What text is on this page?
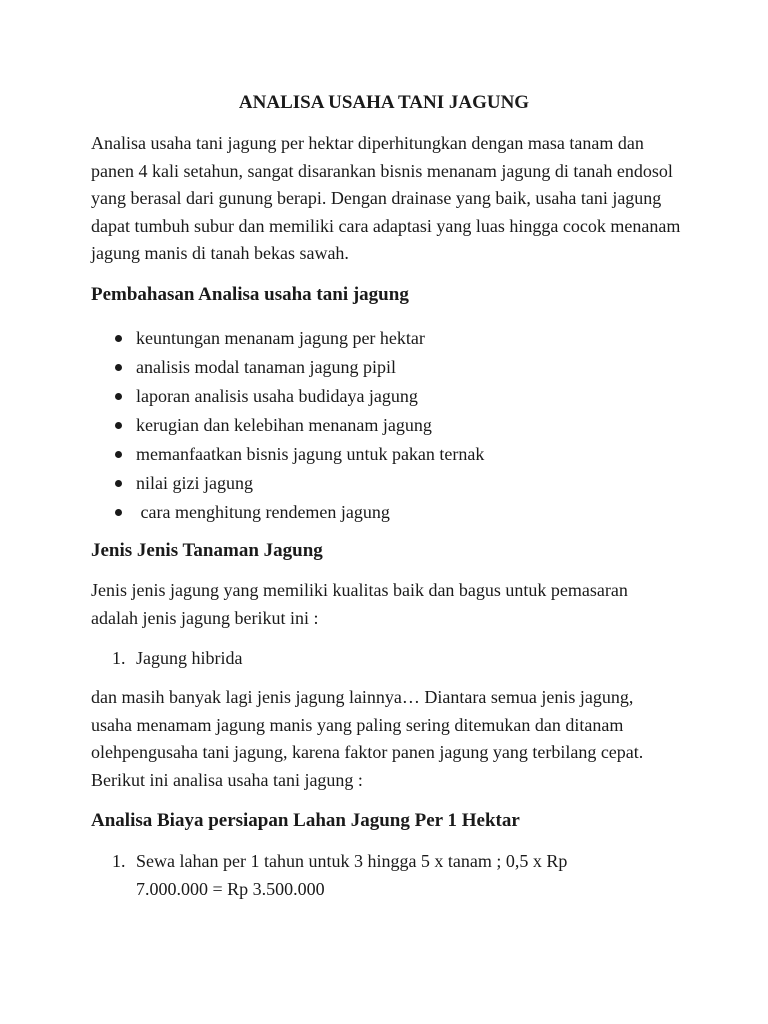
ANALISA USAHA TANI JAGUNG

Analisa usaha tani jagung per hektar diperhitungkan dengan masa tanam dan panen 4 kali setahun, sangat disarankan bisnis menanam jagung di tanah endosol yang berasal dari gunung berapi. Dengan drainase yang baik, usaha tani jagung dapat tumbuh subur dan memiliki cara adaptasi yang luas hingga cocok menanam jagung manis di tanah bekas sawah.

Pembahasan Analisa usaha tani jagung
keuntungan menanam jagung per hektar
analisis modal tanaman jagung pipil
laporan analisis usaha budidaya jagung
kerugian dan kelebihan menanam jagung
memanfaatkan bisnis jagung untuk pakan ternak
nilai gizi jagung
cara menghitung rendemen jagung
Jenis Jenis Tanaman Jagung

Jenis jenis jagung yang memiliki kualitas baik dan bagus untuk pemasaran adalah jenis jagung berikut ini :

1. Jagung hibrida

dan masih banyak lagi jenis jagung lainnya… Diantara semua jenis jagung, usaha menamam jagung manis yang paling sering ditemukan dan ditanam olehpengusaha tani jagung, karena faktor panen jagung yang terbilang cepat. Berikut ini analisa usaha tani jagung :

Analisa Biaya persiapan Lahan Jagung Per 1 Hektar
1. Sewa lahan per 1 tahun untuk 3 hingga 5 x tanam ; 0,5 x Rp 7.000.000 = Rp 3.500.000
